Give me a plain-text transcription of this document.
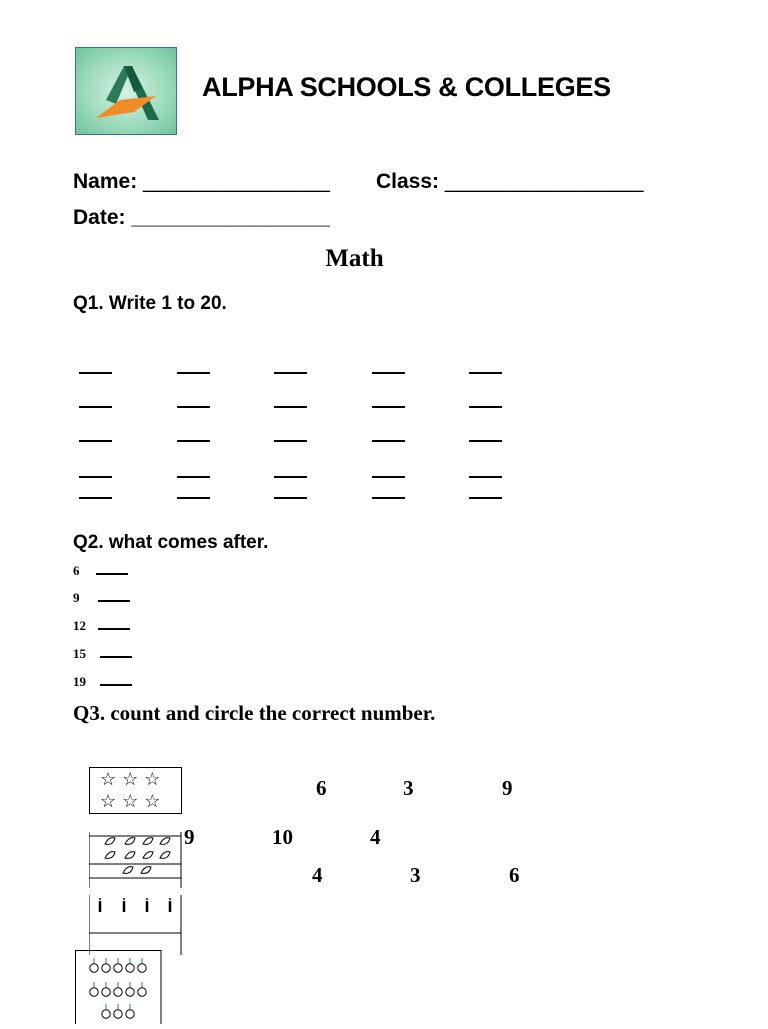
ALPHA SCHOOLS & COLLEGES
Name: ________________ Class: _________________
Date: _________________
Math
Q1. Write 1 to 20.
Q2. what comes after.
6
9
12
15
19
Q3. count and circle the correct number.
☆☆☆
☆☆☆
6	3	9
9	10	4
4	3	6
